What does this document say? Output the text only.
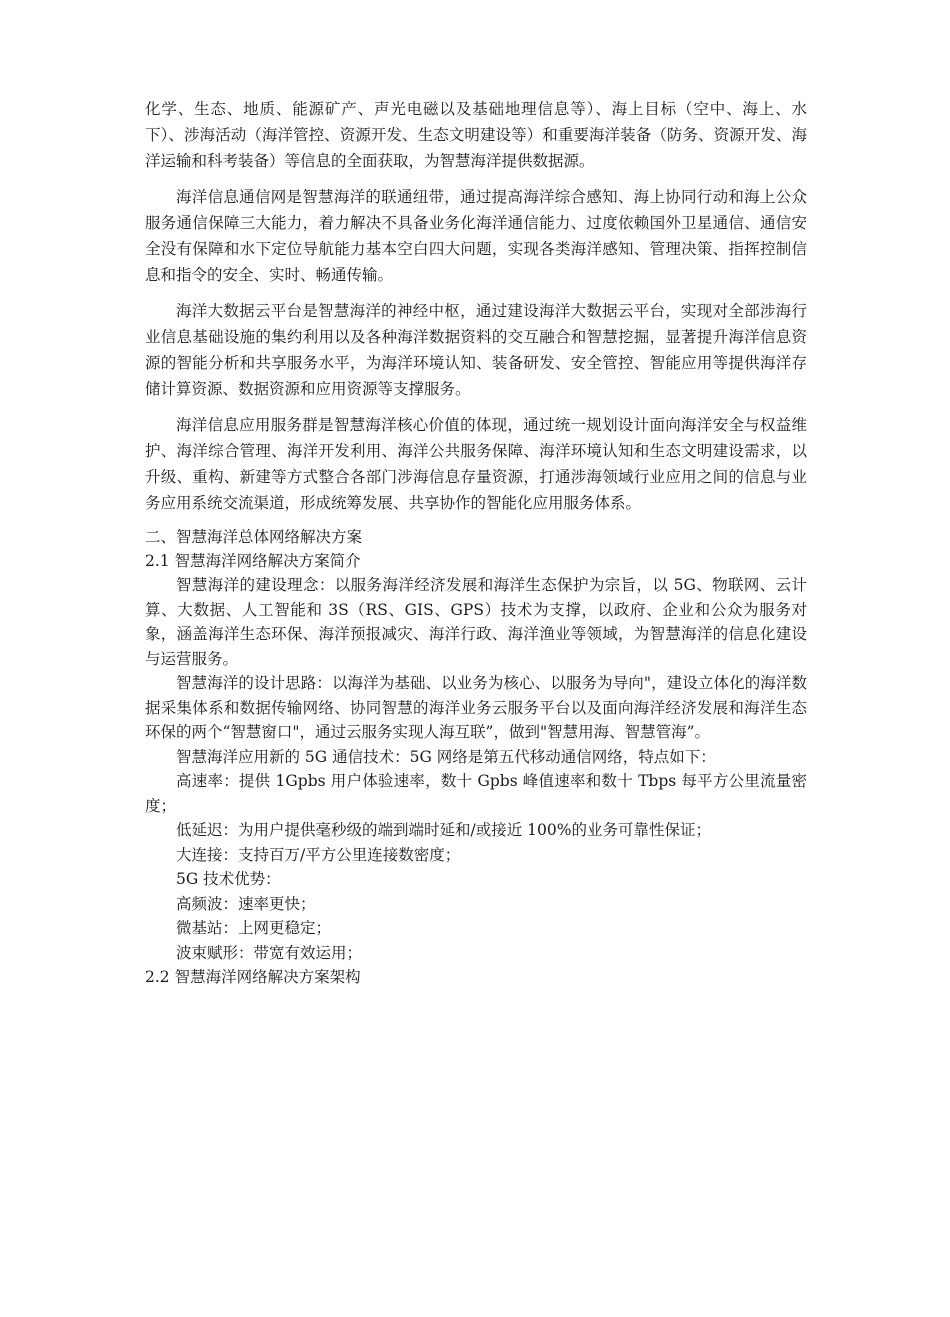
化学、生态、地质、能源矿产、声光电磁以及基础地理信息等）、海上目标（空中、海上、水下）、涉海活动（海洋管控、资源开发、生态文明建设等）和重要海洋装备（防务、资源开发、海洋运输和科考装备）等信息的全面获取，为智慧海洋提供数据源。

海洋信息通信网是智慧海洋的联通纽带，通过提高海洋综合感知、海上协同行动和海上公众服务通信保障三大能力，着力解决不具备业务化海洋通信能力、过度依赖国外卫星通信、通信安全没有保障和水下定位导航能力基本空白四大问题，实现各类海洋感知、管理决策、指挥控制信息和指令的安全、实时、畅通传输。

海洋大数据云平台是智慧海洋的神经中枢，通过建设海洋大数据云平台，实现对全部涉海行业信息基础设施的集约利用以及各种海洋数据资料的交互融合和智慧挖掘，显著提升海洋信息资源的智能分析和共享服务水平，为海洋环境认知、装备研发、安全管控、智能应用等提供海洋存储计算资源、数据资源和应用资源等支撑服务。

海洋信息应用服务群是智慧海洋核心价值的体现，通过统一规划设计面向海洋安全与权益维护、海洋综合管理、海洋开发利用、海洋公共服务保障、海洋环境认知和生态文明建设需求，以升级、重构、新建等方式整合各部门涉海信息存量资源，打通涉海领域行业应用之间的信息与业务应用系统交流渠道，形成统筹发展、共享协作的智能化应用服务体系。

二、智慧海洋总体网络解决方案

2.1 智慧海洋网络解决方案简介

智慧海洋的建设理念：以服务海洋经济发展和海洋生态保护为宗旨，以 5G、物联网、云计算、大数据、人工智能和 3S（RS、GIS、GPS）技术为支撑，以政府、企业和公众为服务对象，涵盖海洋生态环保、海洋预报减灾、海洋行政、海洋渔业等领域，为智慧海洋的信息化建设与运营服务。

智慧海洋的设计思路：以海洋为基础、以业务为核心、以服务为导向"，建设立体化的海洋数据采集体系和数据传输网络、协同智慧的海洋业务云服务平台以及面向海洋经济发展和海洋生态环保的两个“智慧窗口"，通过云服务实现人海互联”，做到"智慧用海、智慧管海”。

智慧海洋应用新的 5G 通信技术：5G 网络是第五代移动通信网络，特点如下：

高速率：提供 1Gpbs 用户体验速率，数十 Gpbs 峰值速率和数十 Tbps 每平方公里流量密度；

低延迟：为用户提供毫秒级的端到端时延和/或接近 100%的业务可靠性保证；

大连接：支持百万/平方公里连接数密度；

5G 技术优势：

高频波：速率更快；

微基站：上网更稳定；

波束赋形：带宽有效运用；

2.2 智慧海洋网络解决方案架构
